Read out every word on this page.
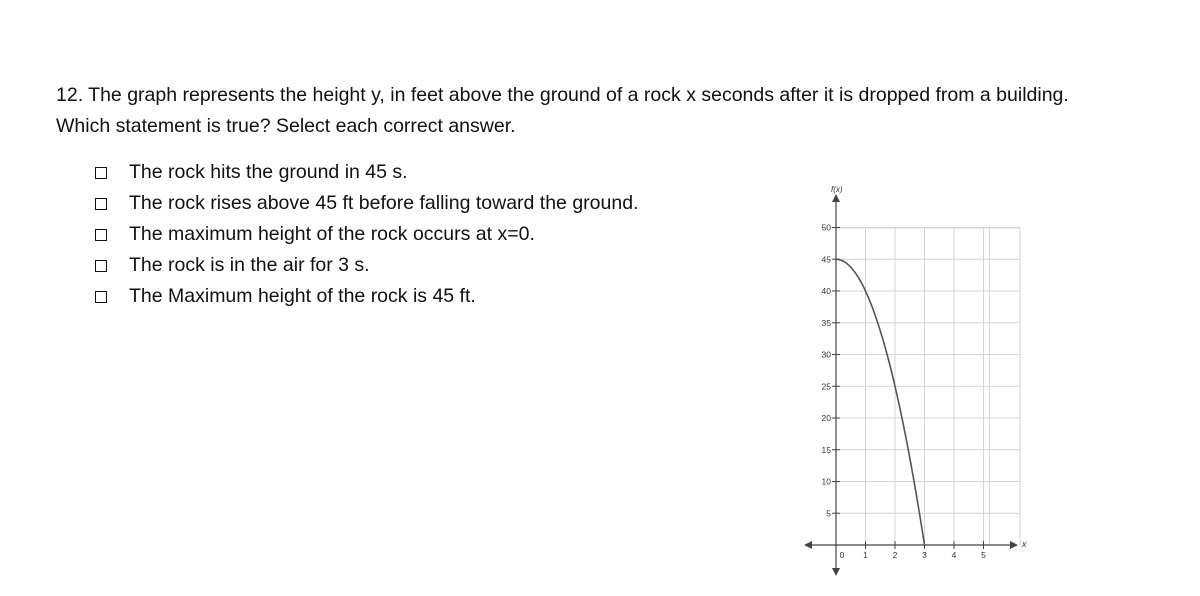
12. The graph represents the height y, in feet above the ground of a rock x seconds after it is dropped from a building.
Which statement is true? Select each correct answer.
The rock hits the ground in 45 s.
The rock rises above 45 ft before falling toward the ground.
The maximum height of the rock occurs at x=0.
The rock is in the air for 3 s.
The Maximum height of the rock is 45 ft.
5
10
15
20
25
30
35
40
45
50
0 1	2	3	4	5
f(x)
x
